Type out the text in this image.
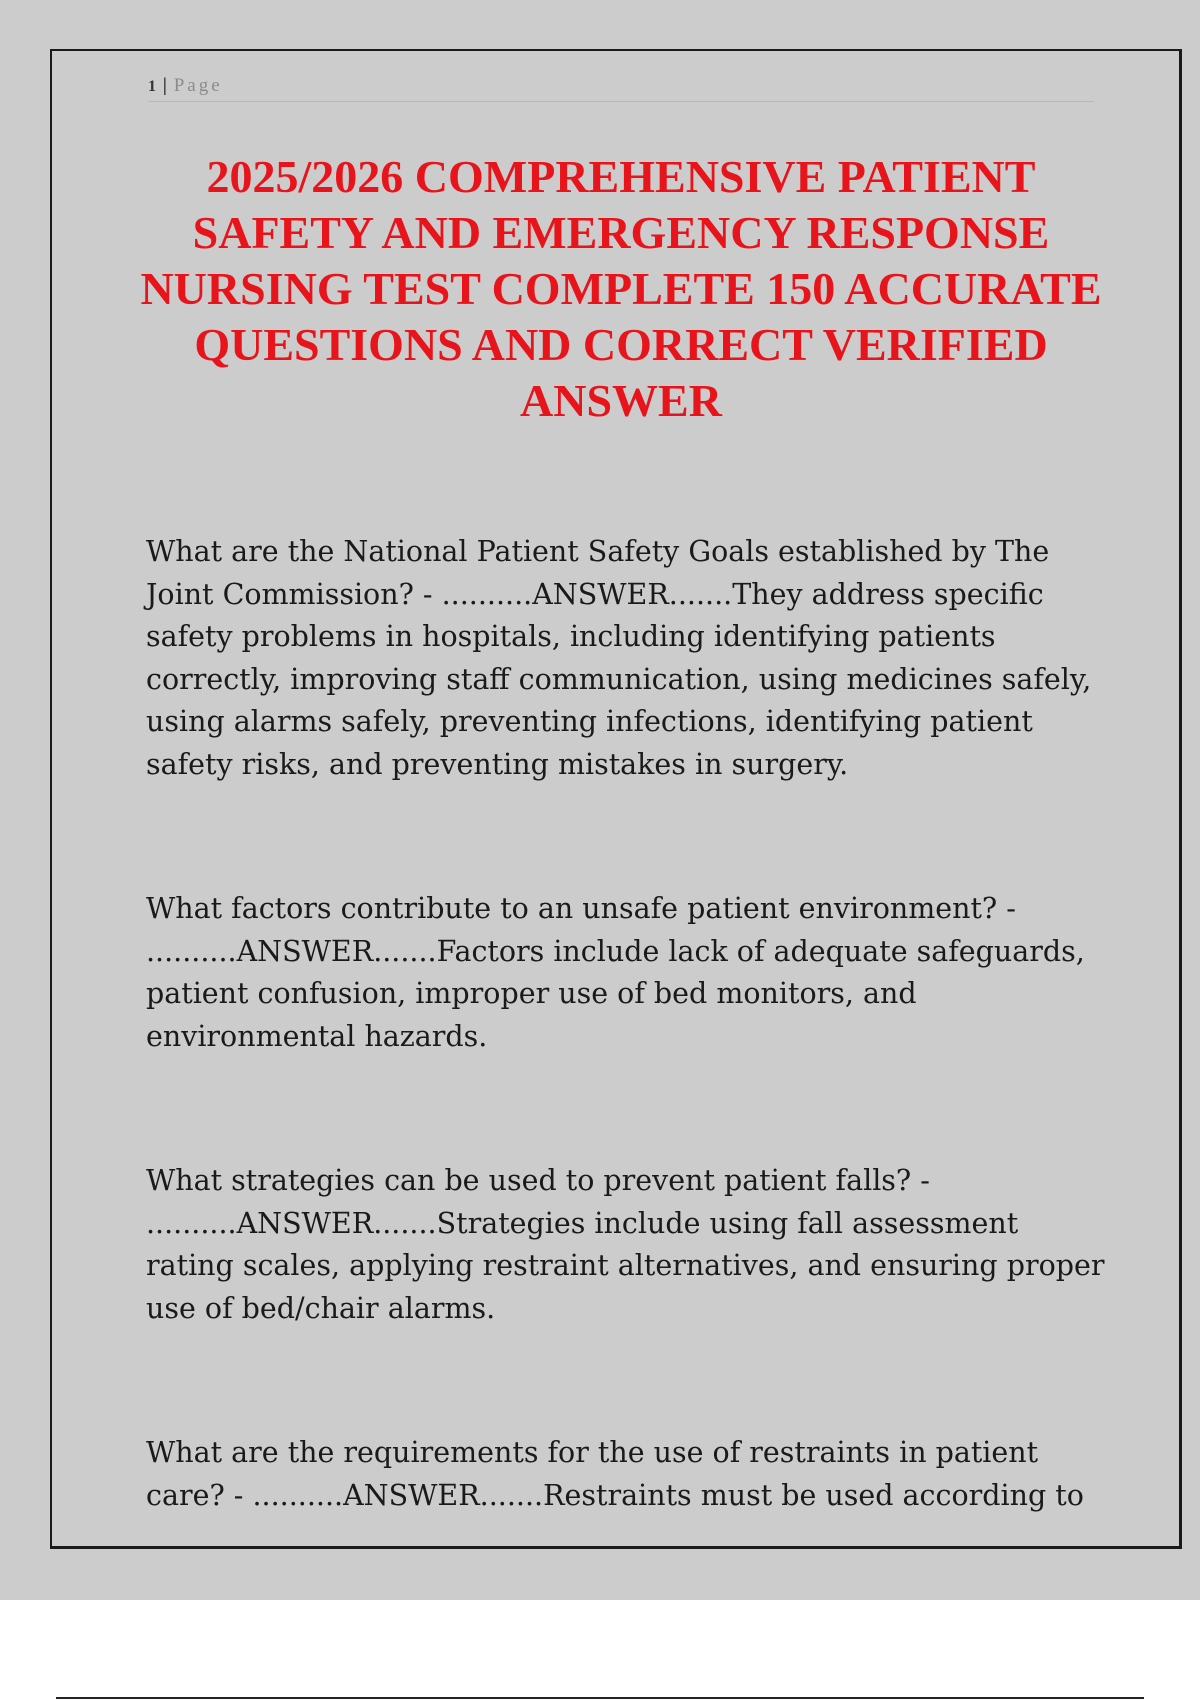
1 | Page
2025/2026 COMPREHENSIVE PATIENT SAFETY AND EMERGENCY RESPONSE NURSING TEST COMPLETE 150 ACCURATE QUESTIONS AND CORRECT VERIFIED ANSWER

What are the National Patient Safety Goals established by The Joint Commission? - ..........ANSWER.......They address specific safety problems in hospitals, including identifying patients correctly, improving staff communication, using medicines safely, using alarms safely, preventing infections, identifying patient safety risks, and preventing mistakes in surgery.

What factors contribute to an unsafe patient environment? - ..........ANSWER.......Factors include lack of adequate safeguards, patient confusion, improper use of bed monitors, and environmental hazards.

What strategies can be used to prevent patient falls? - ..........ANSWER.......Strategies include using fall assessment rating scales, applying restraint alternatives, and ensuring proper use of bed/chair alarms.

What are the requirements for the use of restraints in patient care? - ..........ANSWER.......Restraints must be used according to
